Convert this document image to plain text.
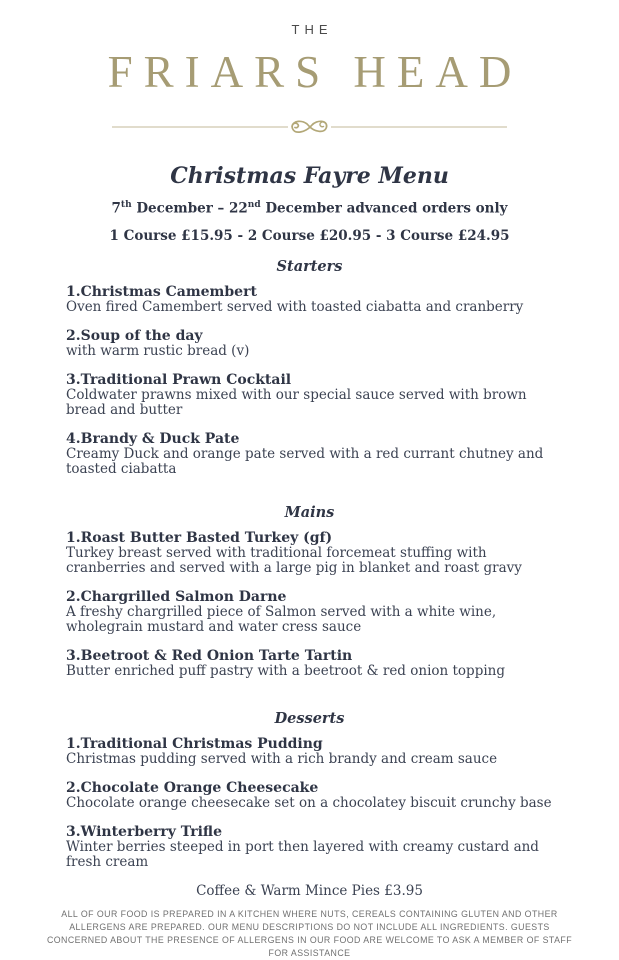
THE
FRIARS HEAD
Christmas Fayre Menu

7th December – 22nd December advanced orders only

1 Course £15.95 - 2 Course £20.95 - 3 Course £24.95

Starters
1.Christmas Camembert
Oven fired Camembert served with toasted ciabatta and cranberry
2.Soup of the day
with warm rustic bread (v)
3.Traditional Prawn Cocktail
Coldwater prawns mixed with our special sauce served with brown bread and butter
4.Brandy & Duck Pate
Creamy Duck and orange pate served with a red currant chutney and toasted ciabatta
Mains
1.Roast Butter Basted Turkey (gf)
Turkey breast served with traditional forcemeat stuffing with cranberries and served with a large pig in blanket and roast gravy
2.Chargrilled Salmon Darne
A freshy chargrilled piece of Salmon served with a white wine, wholegrain mustard and water cress sauce
3.Beetroot & Red Onion Tarte Tartin
Butter enriched puff pastry with a beetroot & red onion topping
Desserts
1.Traditional Christmas Pudding
Christmas pudding served with a rich brandy and cream sauce
2.Chocolate Orange Cheesecake
Chocolate orange cheesecake set on a chocolatey biscuit crunchy base
3.Winterberry Trifle
Winter berries steeped in port then layered with creamy custard and fresh cream

Coffee & Warm Mince Pies £3.95

ALL OF OUR FOOD IS PREPARED IN A KITCHEN WHERE NUTS, CEREALS CONTAINING GLUTEN AND OTHER ALLERGENS ARE PREPARED. OUR MENU DESCRIPTIONS DO NOT INCLUDE ALL INGREDIENTS. GUESTS CONCERNED ABOUT THE PRESENCE OF ALLERGENS IN OUR FOOD ARE WELCOME TO ASK A MEMBER OF STAFF FOR ASSISTANCE
